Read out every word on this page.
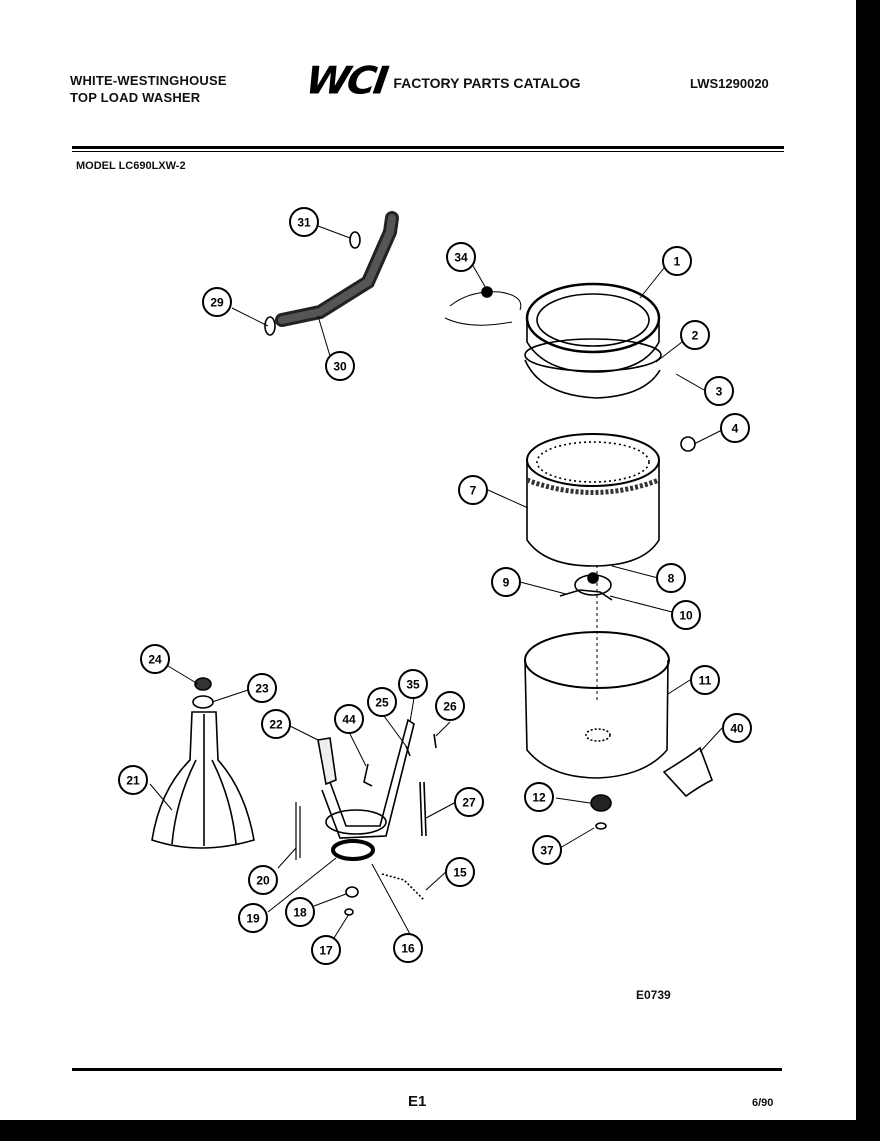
WHITE-WESTINGHOUSE
TOP LOAD WASHER	WCI FACTORY PARTS CATALOG	LWS1290020
MODEL LC690LXW-2
1
2
3
4
7
8
9
10
11
12
15
16
17
18
19
20
21
22
23
24
25	26
27
29
30
31
34
35
37
40
44
E0739
E1	6/90
